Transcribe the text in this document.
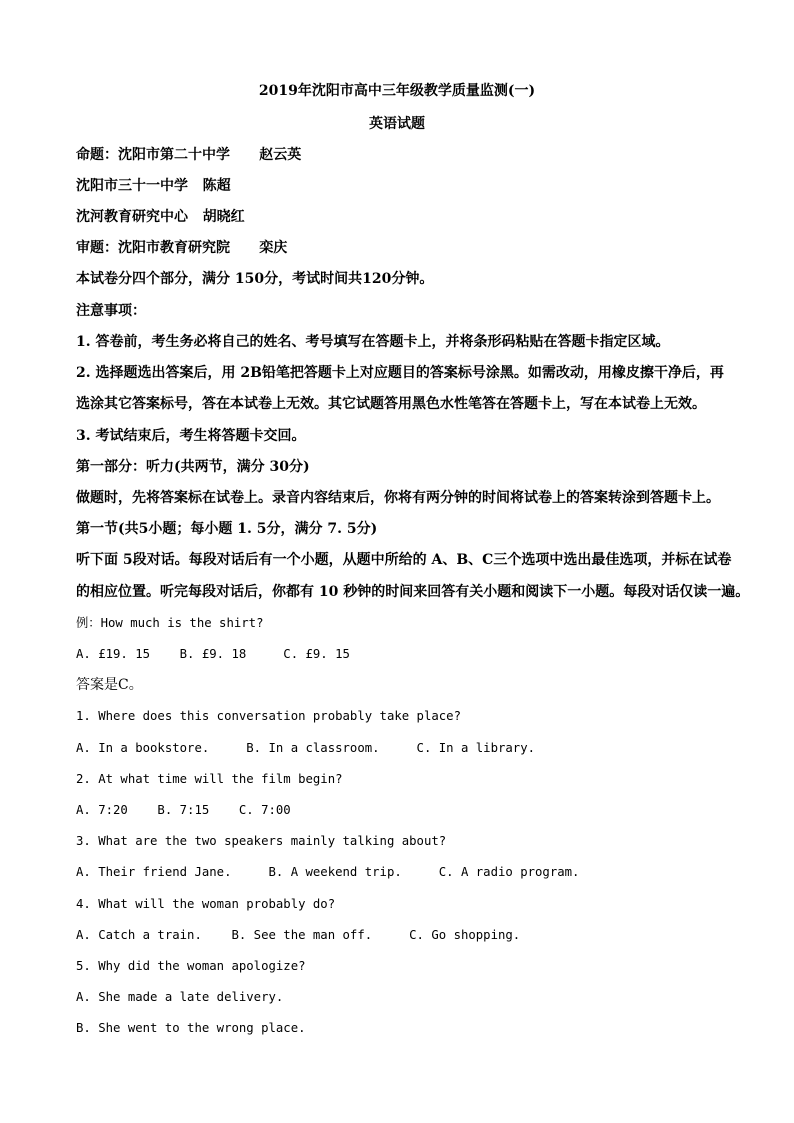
2019年沈阳市高中三年级教学质量监测(一)
英语试题
命题：沈阳市第二十中学      赵云英
沈阳市三十一中学   陈超
沈河教育研究中心   胡晓红
审题：沈阳市教育研究院      栾庆
本试卷分四个部分，满分 150分，考试时间共120分钟。
注意事项：
1. 答卷前，考生务必将自己的姓名、考号填写在答题卡上，并将条形码粘贴在答题卡指定区域。
2. 选择题选出答案后，用 2B铅笔把答题卡上对应题目的答案标号涂黑。如需改动，用橡皮擦干净后，再
选涂其它答案标号，答在本试卷上无效。其它试题答用黑色水性笔答在答题卡上，写在本试卷上无效。
3. 考试结束后，考生将答题卡交回。
第一部分：听力(共两节，满分 30分)
做题时，先将答案标在试卷上。录音内容结束后，你将有两分钟的时间将试卷上的答案转涂到答题卡上。
第一节(共5小题；每小题 1. 5分，满分 7. 5分)
听下面 5段对话。每段对话后有一个小题，从题中所给的 A、B、C三个选项中选出最佳选项，并标在试卷
的相应位置。听完每段对话后，你都有 10 秒钟的时间来回答有关小题和阅读下一小题。每段对话仅读一遍。
例：How much is the shirt?
A. £19. 15    B. £9. 18     C. £9. 15
答案是C。
1. Where does this conversation probably take place?
A. In a bookstore.     B. In a classroom.     C. In a library.
2. At what time will the film begin?
A. 7:20    B. 7:15    C. 7:00
3. What are the two speakers mainly talking about?
A. Their friend Jane.     B. A weekend trip.     C. A radio program.
4. What will the woman probably do?
A. Catch a train.    B. See the man off.     C. Go shopping.
5. Why did the woman apologize?
A. She made a late delivery.
B. She went to the wrong place.
